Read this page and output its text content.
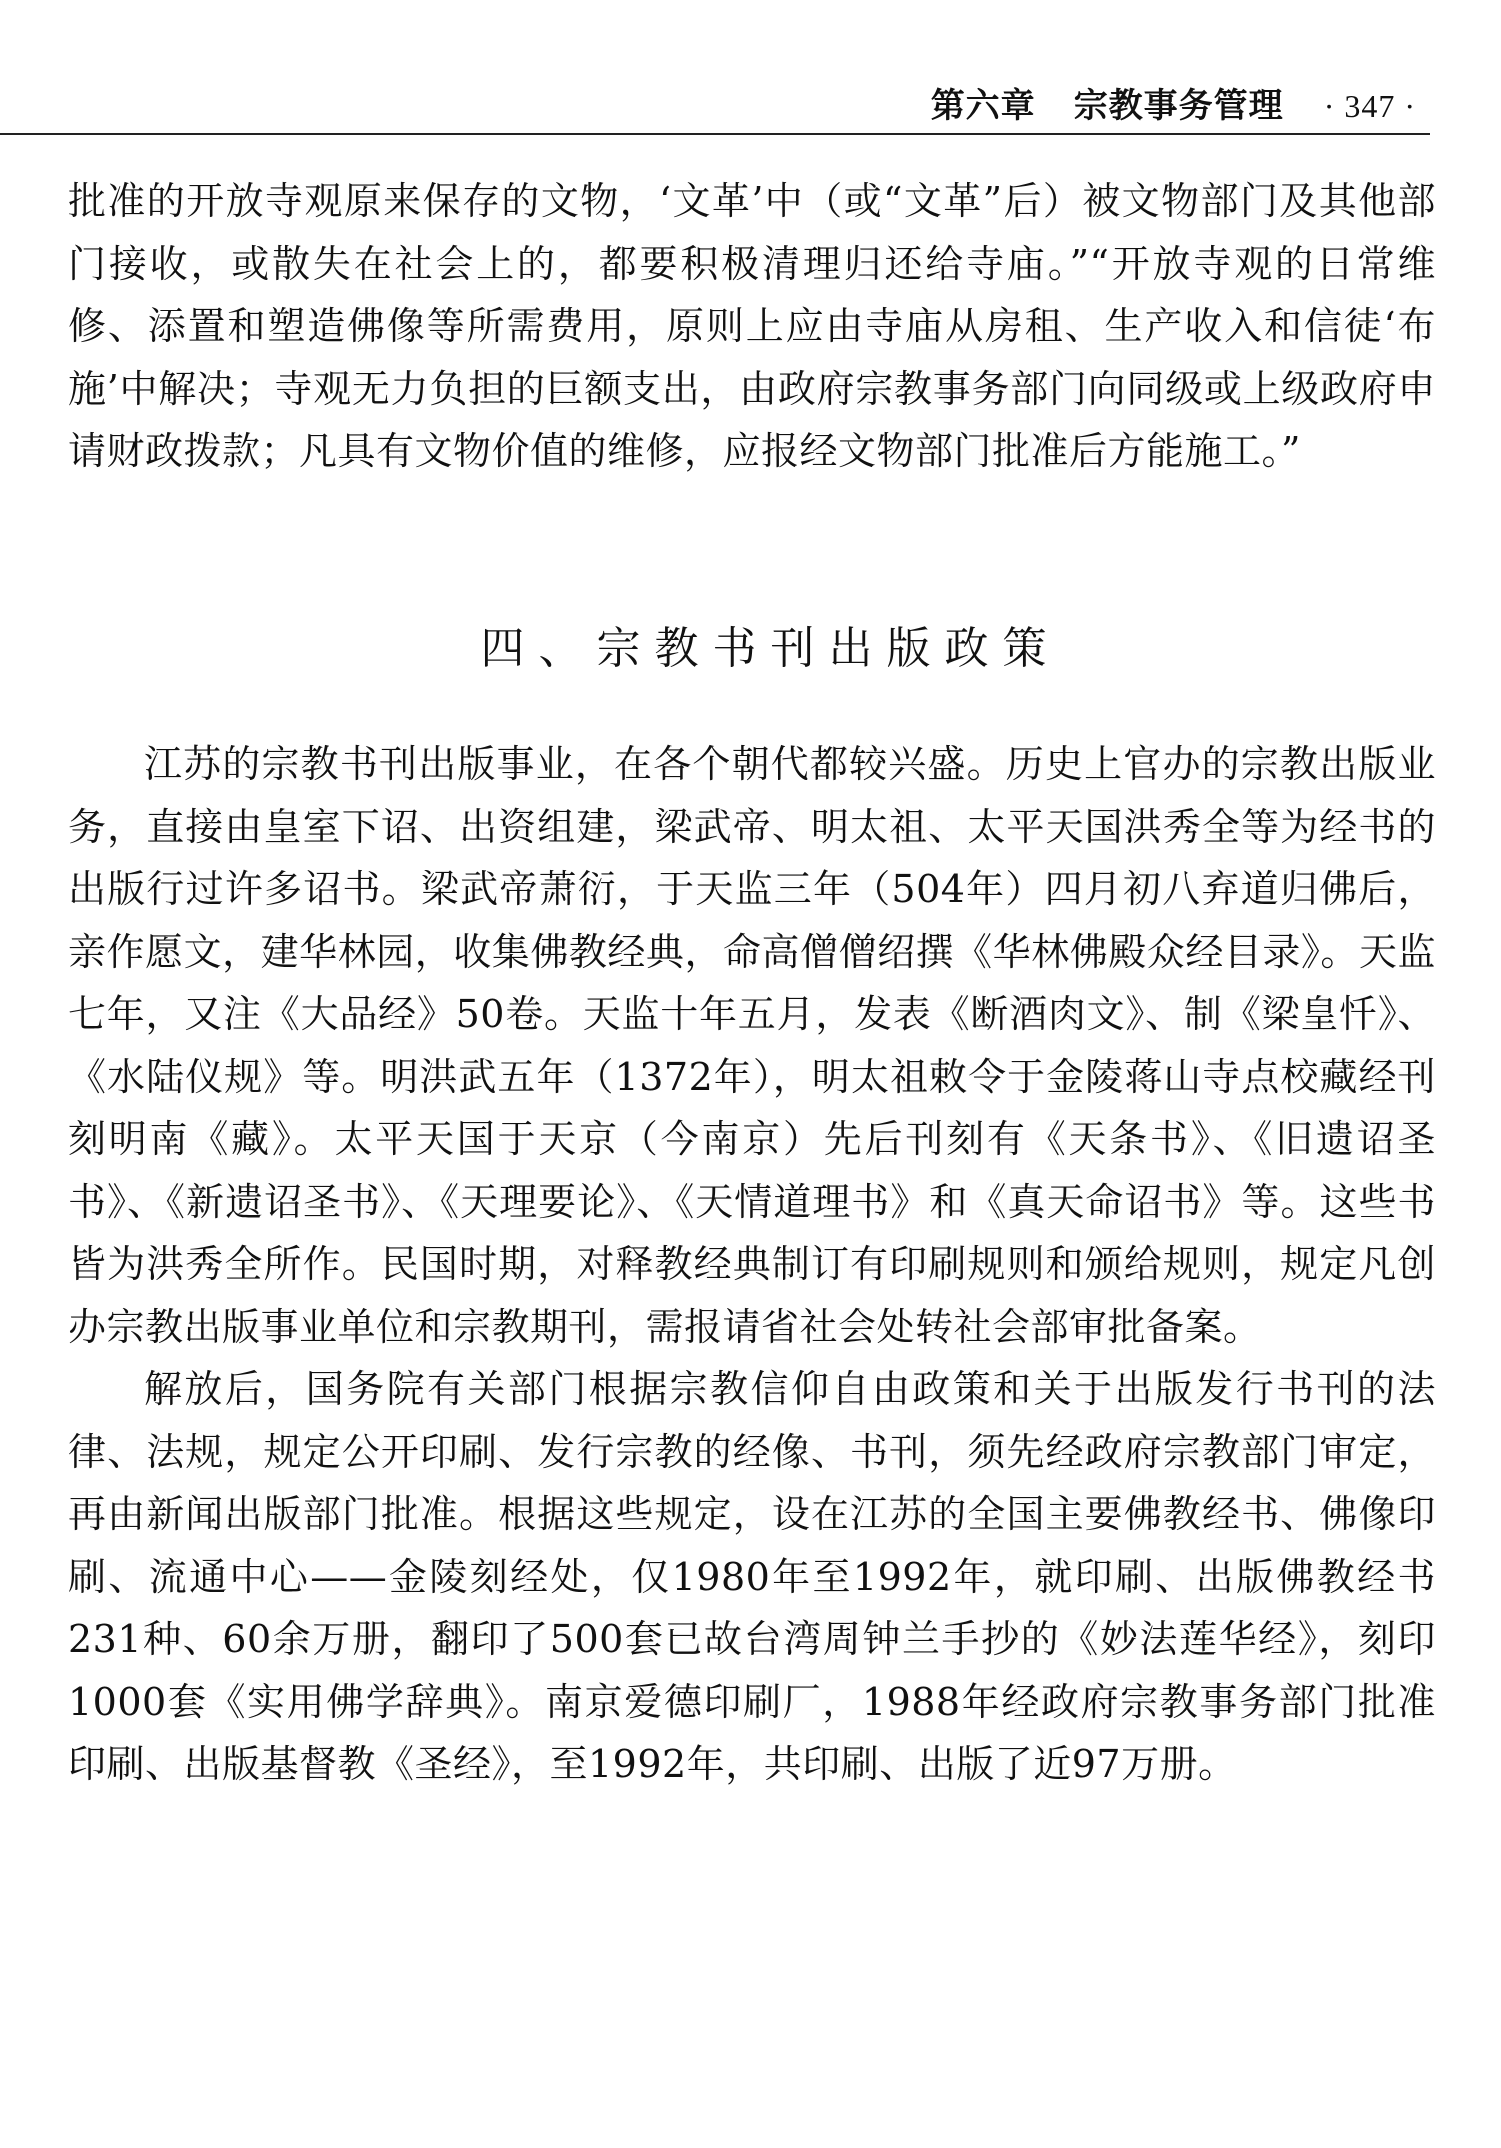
第六章 宗教事务管理 · 347 ·

批准的开放寺观原来保存的文物，‘文革’中（或“文革”后）被文物部门及其他部门接收，或散失在社会上的，都要积极清理归还给寺庙。”“开放寺观的日常维修、添置和塑造佛像等所需费用，原则上应由寺庙从房租、生产收入和信徒‘布施’中解决；寺观无力负担的巨额支出，由政府宗教事务部门向同级或上级政府申请财政拨款；凡具有文物价值的维修，应报经文物部门批准后方能施工。”

四、宗教书刊出版政策

江苏的宗教书刊出版事业，在各个朝代都较兴盛。历史上官办的宗教出版业务，直接由皇室下诏、出资组建，梁武帝、明太祖、太平天国洪秀全等为经书的出版行过许多诏书。梁武帝萧衍，于天监三年（504年）四月初八弃道归佛后，亲作愿文，建华林园，收集佛教经典，命高僧僧绍撰《华林佛殿众经目录》。天监七年，又注《大品经》50卷。天监十年五月，发表《断酒肉文》、制《梁皇忏》、《水陆仪规》等。明洪武五年（1372年），明太祖敕令于金陵蒋山寺点校藏经刊刻明南《藏》。太平天国于天京（今南京）先后刊刻有《天条书》、《旧遗诏圣书》、《新遗诏圣书》、《天理要论》、《天情道理书》和《真天命诏书》等。这些书皆为洪秀全所作。民国时期，对释教经典制订有印刷规则和颁给规则，规定凡创办宗教出版事业单位和宗教期刊，需报请省社会处转社会部审批备案。

解放后，国务院有关部门根据宗教信仰自由政策和关于出版发行书刊的法律、法规，规定公开印刷、发行宗教的经像、书刊，须先经政府宗教部门审定，再由新闻出版部门批准。根据这些规定，设在江苏的全国主要佛教经书、佛像印刷、流通中心——金陵刻经处，仅1980年至1992年，就印刷、出版佛教经书231种、60余万册，翻印了500套已故台湾周钟兰手抄的《妙法莲华经》，刻印1000套《实用佛学辞典》。南京爱德印刷厂，1988年经政府宗教事务部门批准印刷、出版基督教《圣经》，至1992年，共印刷、出版了近97万册。
